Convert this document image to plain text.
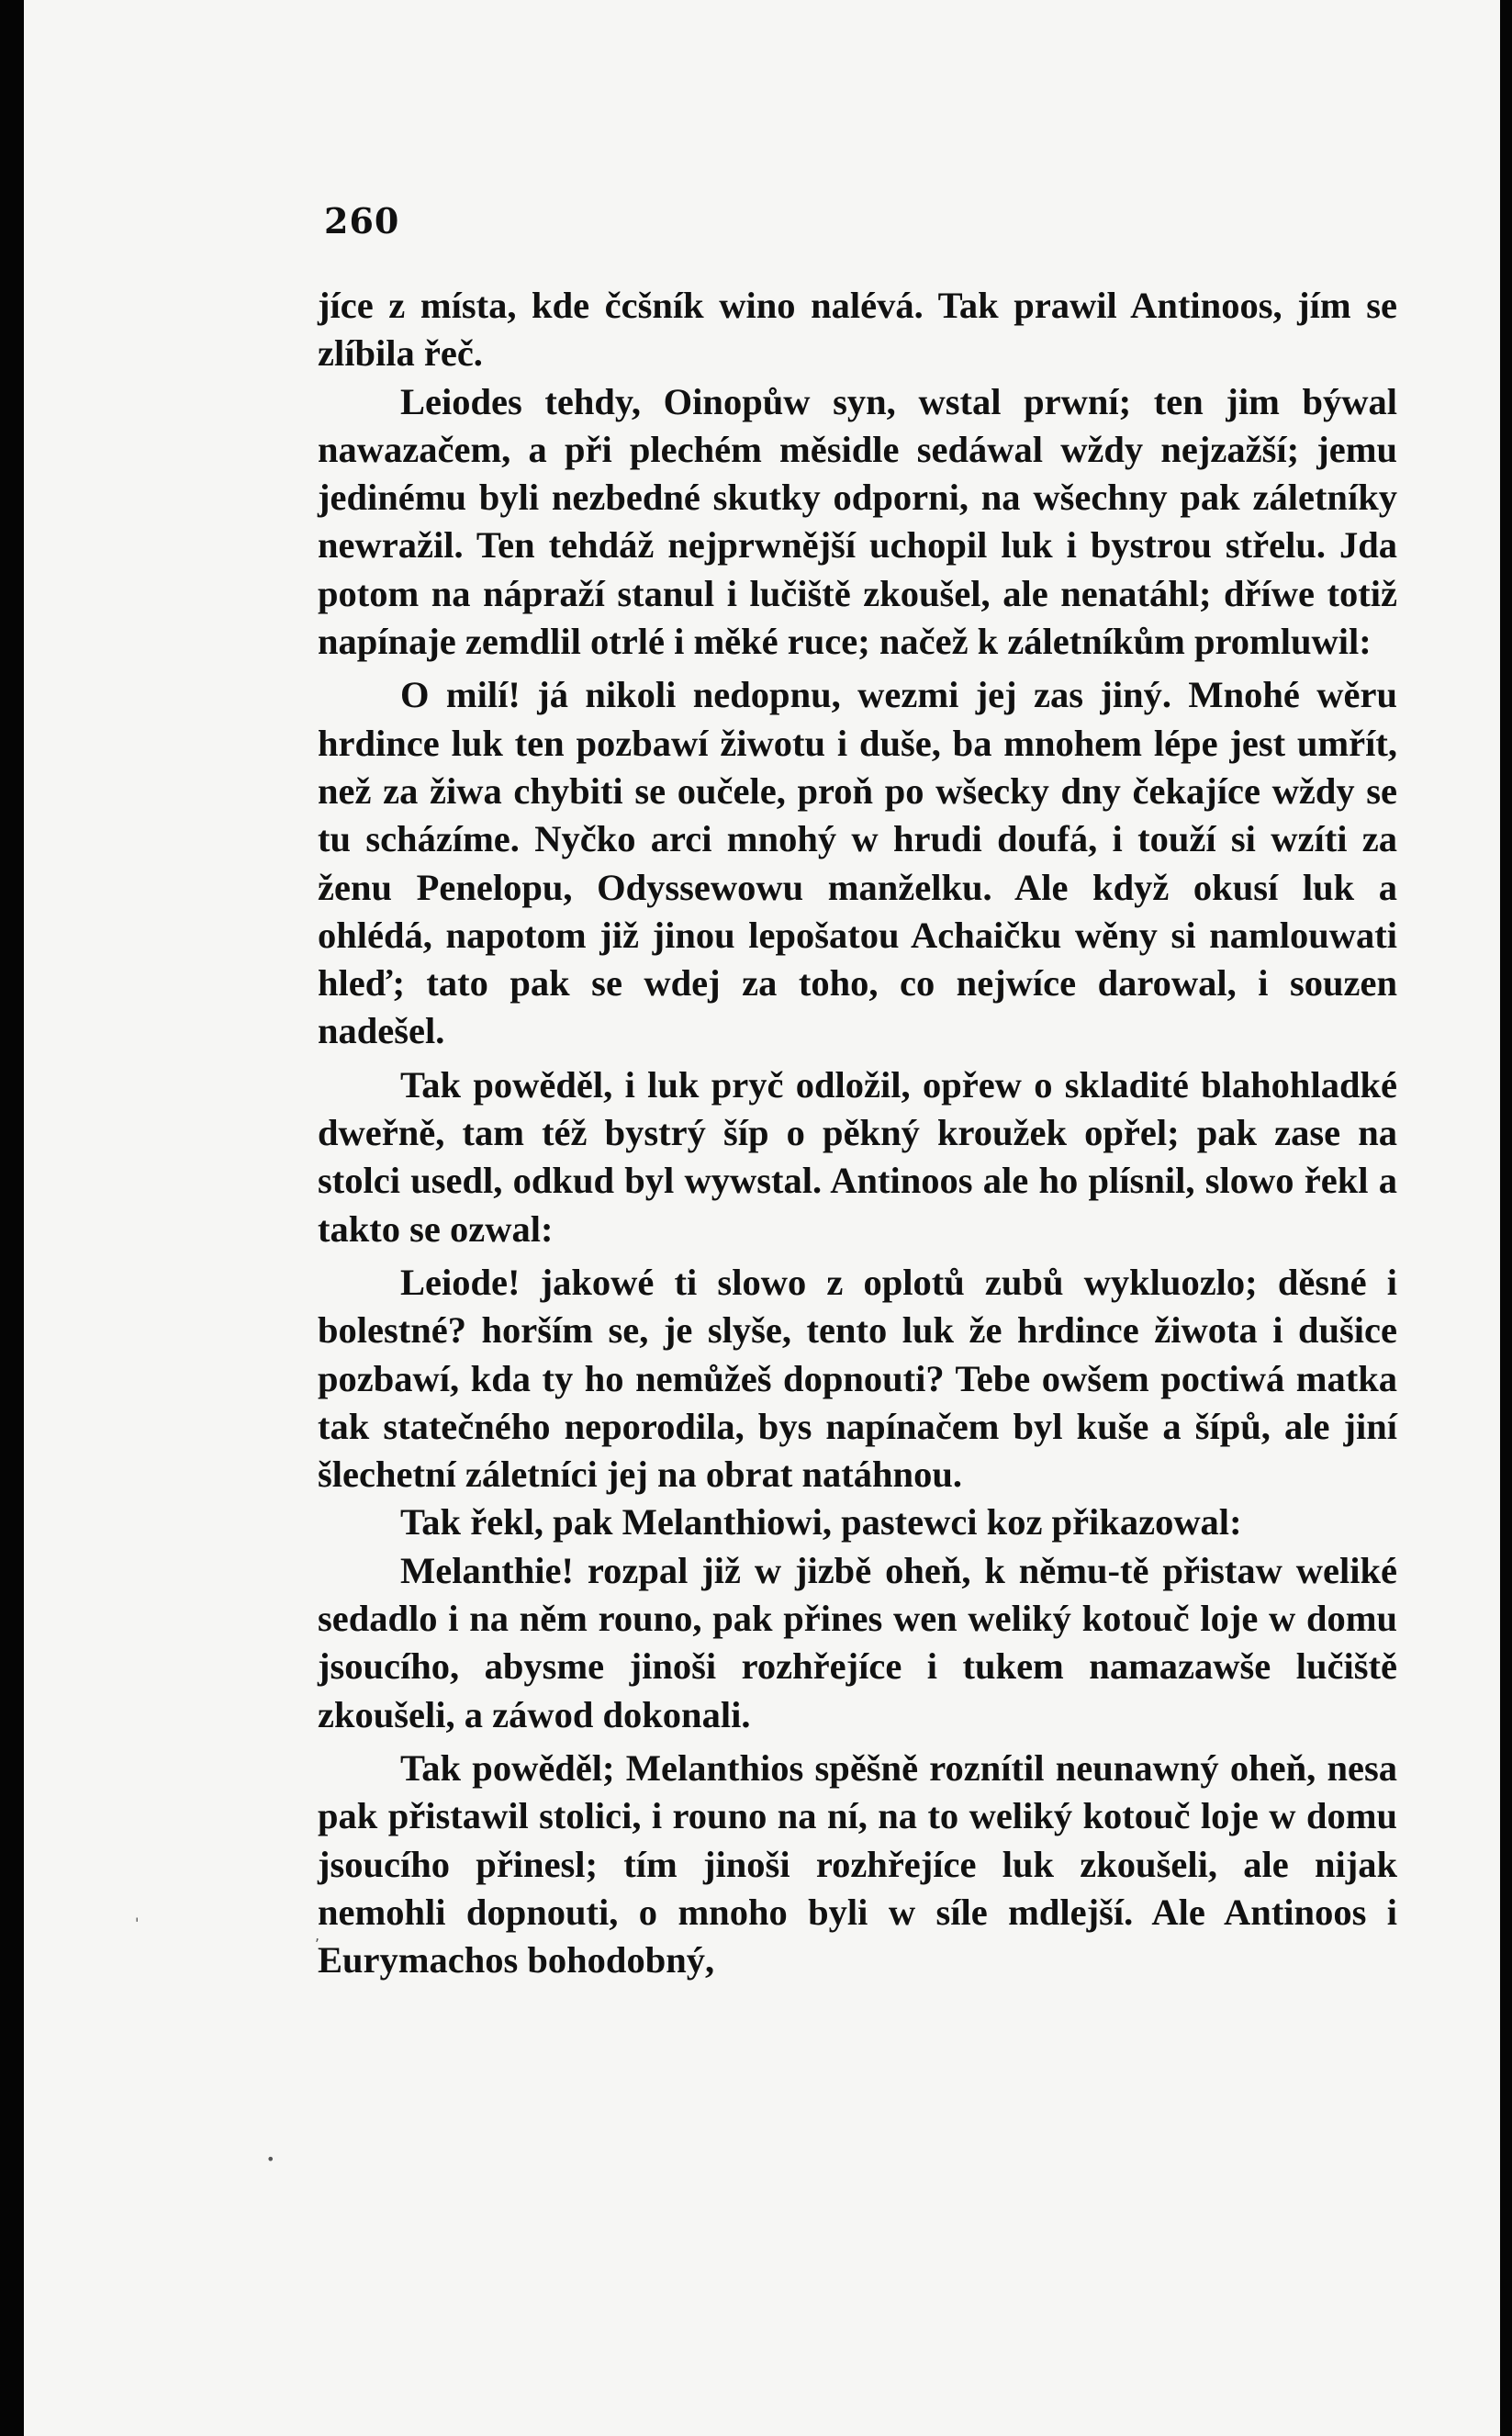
260

jíce z místa, kde čcšník wino nalévá. Tak prawil Antinoos, jím se zlíbila řeč.

Leiodes tehdy, Oinopůw syn, wstal prwní; ten jim býwal nawazačem, a při plechém měsidle sedáwal wždy nejzažší; jemu jedinému byli nezbedné skutky odporni, na wšechny pak záletníky newražil. Ten tehdáž nejprwnější uchopil luk i bystrou střelu. Jda potom na nápraží stanul i lučiště zkoušel, ale nenatáhl; dříwe totiž napínaje zemdlil otrlé i měké ruce; načež k záletníkům promluwil:

O milí! já nikoli nedopnu, wezmi jej zas jiný. Mnohé wěru hrdince luk ten pozbawí žiwotu i duše, ba mnohem lépe jest umřít, než za žiwa chybiti se oučele, proň po wšecky dny čekajíce wždy se tu scházíme. Nyčko arci mnohý w hrudi doufá, i touží si wzíti za ženu Penelopu, Odyssewowu manželku. Ale když okusí luk a ohlédá, napotom již jinou lepošatou Achaičku wěny si namlouwati hleď; tato pak se wdej za toho, co nejwíce darowal, i souzen nadešel.

Tak powěděl, i luk pryč odložil, opřew o skladité blahohladké dweřně, tam též bystrý šíp o pěkný kroužek opřel; pak zase na stolci usedl, odkud byl wywstal. Antinoos ale ho plísnil, slowo řekl a takto se ozwal:

Leiode! jakowé ti slowo z oplotů zubů wykluozlo; děsné i bolestné? horším se, je slyše, tento luk že hrdince žiwota i dušice pozbawí, kda ty ho nemůžeš dopnouti? Tebe owšem poctiwá matka tak statečného neporodila, bys napínačem byl kuše a šípů, ale jiní šlechetní záletníci jej na obrat natáhnou.

Tak řekl, pak Melanthiowi, pastewci koz přikazowal:

Melanthie! rozpal již w jizbě oheň, k němu-tě přistaw weliké sedadlo i na něm rouno, pak přines wen weliký kotouč loje w domu jsoucího, abysme jinoši rozhřejíce i tukem namazawše lučiště zkoušeli, a záwod dokonali.

Tak powěděl; Melanthios spěšně roznítil neunawný oheň, nesa pak přistawil stolici, i rouno na ní, na to weliký kotouč loje w domu jsoucího přinesl; tím jinoši rozhřejíce luk zkoušeli, ale nijak nemohli dopnouti, o mnoho byli w síle mdlejší. Ale Antinoos i Eurymachos bohodobný,

'
,
•
